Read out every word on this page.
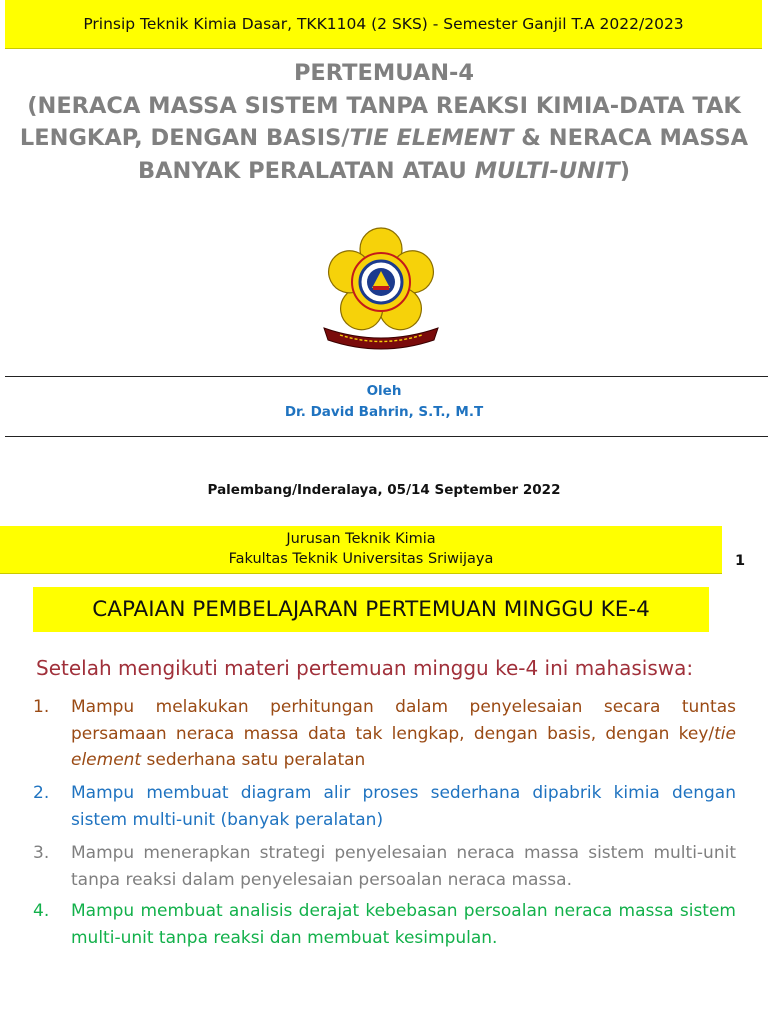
Prinsip Teknik Kimia Dasar, TKK1104 (2 SKS) - Semester Ganjil T.A 2022/2023
PERTEMUAN-4
(NERACA MASSA SISTEM TANPA REAKSI KIMIA-DATA TAK
LENGKAP, DENGAN BASIS/TIE ELEMENT & NERACA MASSA
BANYAK PERALATAN ATAU MULTI-UNIT)
Oleh
Dr. David Bahrin, S.T., M.T
Palembang/Inderalaya, 05/14 September 2022
Jurusan Teknik Kimia
Fakultas Teknik Universitas Sriwijaya	1
CAPAIAN PEMBELAJARAN PERTEMUAN MINGGU KE-4
Setelah mengikuti materi pertemuan minggu ke-4 ini mahasiswa:
1. Mampu melakukan perhitungan dalam penyelesaian secara tuntas persamaan neraca massa data tak lengkap, dengan basis, dengan key/tie element sederhana satu peralatan
2. Mampu membuat diagram alir proses sederhana dipabrik kimia dengan sistem multi-unit (banyak peralatan)
3. Mampu menerapkan strategi penyelesaian neraca massa sistem multi-unit tanpa reaksi dalam penyelesaian persoalan neraca massa.
4. Mampu membuat analisis derajat kebebasan persoalan neraca massa sistem multi-unit tanpa reaksi dan membuat kesimpulan.
